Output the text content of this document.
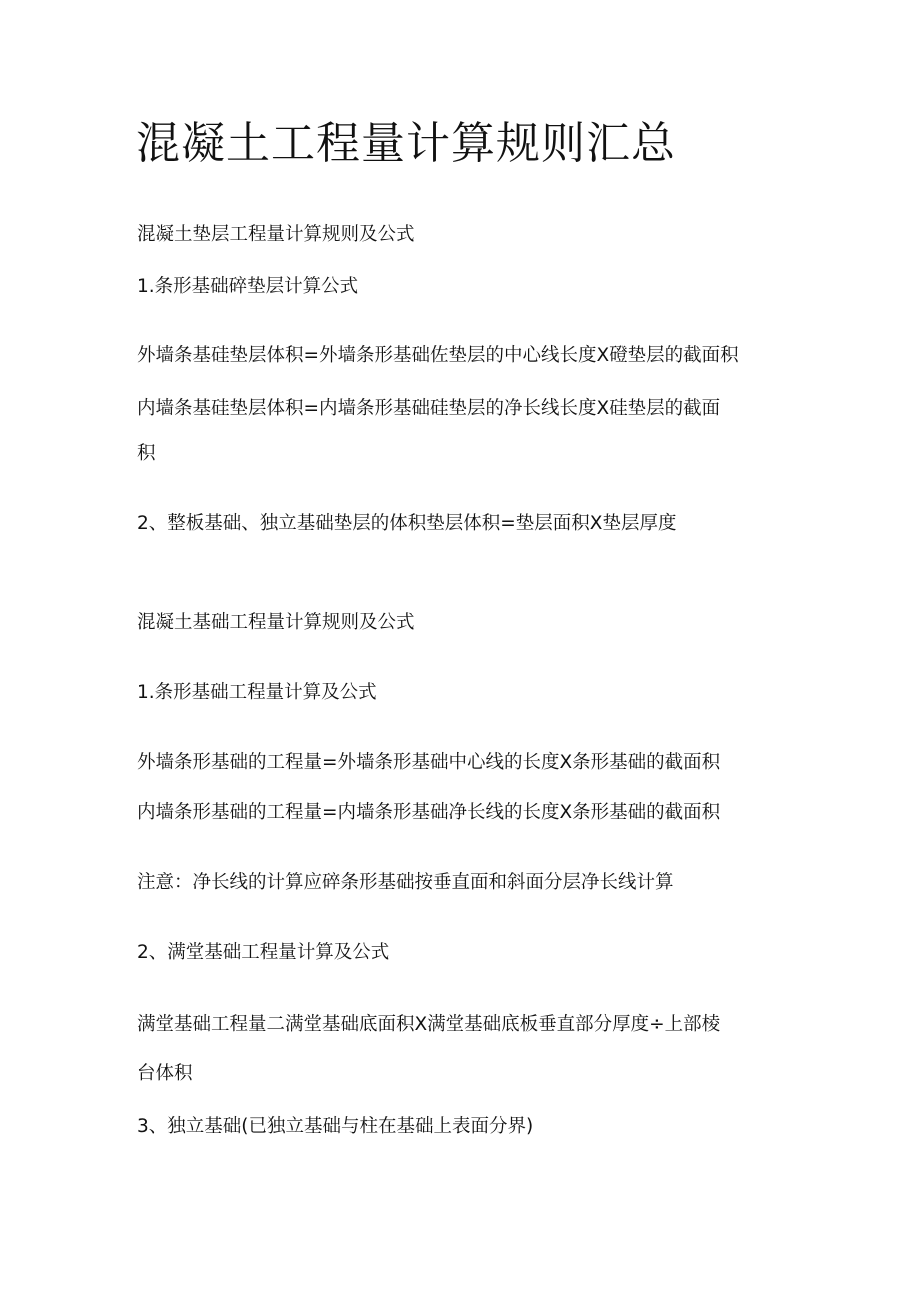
混凝土工程量计算规则汇总

混凝土垫层工程量计算规则及公式

1.条形基础碎垫层计算公式

外墙条基硅垫层体积=外墙条形基础佐垫层的中心线长度X磴垫层的截面积

内墙条基硅垫层体积=内墙条形基础硅垫层的净长线长度X硅垫层的截面

积

2、整板基础、独立基础垫层的体积垫层体积=垫层面积X垫层厚度

混凝土基础工程量计算规则及公式

1.条形基础工程量计算及公式

外墙条形基础的工程量=外墙条形基础中心线的长度X条形基础的截面积

内墙条形基础的工程量=内墙条形基础净长线的长度X条形基础的截面积

注意：净长线的计算应碎条形基础按垂直面和斜面分层净长线计算

2、满堂基础工程量计算及公式

满堂基础工程量二满堂基础底面积X满堂基础底板垂直部分厚度÷上部棱

台体积

3、独立基础(已独立基础与柱在基础上表面分界)
